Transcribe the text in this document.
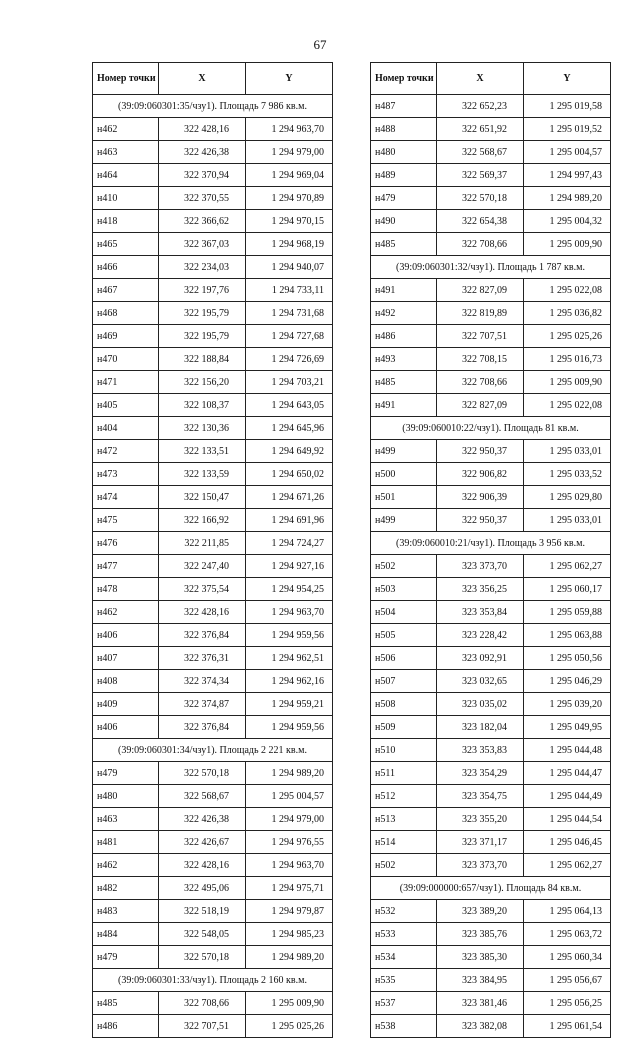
67
Номер точки	X	Y
(39:09:060301:35/чзу1). Площадь 7 986 кв.м.		
н462	322 428,16	1 294 963,70
н463	322 426,38	1 294 979,00
н464	322 370,94	1 294 969,04
н410	322 370,55	1 294 970,89
н418	322 366,62	1 294 970,15
н465	322 367,03	1 294 968,19
н466	322 234,03	1 294 940,07
н467	322 197,76	1 294 733,11
н468	322 195,79	1 294 731,68
н469	322 195,79	1 294 727,68
н470	322 188,84	1 294 726,69
н471	322 156,20	1 294 703,21
н405	322 108,37	1 294 643,05
н404	322 130,36	1 294 645,96
н472	322 133,51	1 294 649,92
н473	322 133,59	1 294 650,02
н474	322 150,47	1 294 671,26
н475	322 166,92	1 294 691,96
н476	322 211,85	1 294 724,27
н477	322 247,40	1 294 927,16
н478	322 375,54	1 294 954,25
н462	322 428,16	1 294 963,70
н406	322 376,84	1 294 959,56
н407	322 376,31	1 294 962,51
н408	322 374,34	1 294 962,16
н409	322 374,87	1 294 959,21
н406	322 376,84	1 294 959,56
(39:09:060301:34/чзу1). Площадь 2 221 кв.м.		
н479	322 570,18	1 294 989,20
н480	322 568,67	1 295 004,57
н463	322 426,38	1 294 979,00
н481	322 426,67	1 294 976,55
н462	322 428,16	1 294 963,70
н482	322 495,06	1 294 975,71
н483	322 518,19	1 294 979,87
н484	322 548,05	1 294 985,23
н479	322 570,18	1 294 989,20
(39:09:060301:33/чзу1). Площадь 2 160 кв.м.		
н485	322 708,66	1 295 009,90
н486	322 707,51	1 295 025,26
Номер точки	X	Y
н487	322 652,23	1 295 019,58
н488	322 651,92	1 295 019,52
н480	322 568,67	1 295 004,57
н489	322 569,37	1 294 997,43
н479	322 570,18	1 294 989,20
н490	322 654,38	1 295 004,32
н485	322 708,66	1 295 009,90
(39:09:060301:32/чзу1). Площадь 1 787 кв.м.		
н491	322 827,09	1 295 022,08
н492	322 819,89	1 295 036,82
н486	322 707,51	1 295 025,26
н493	322 708,15	1 295 016,73
н485	322 708,66	1 295 009,90
н491	322 827,09	1 295 022,08
(39:09:060010:22/чзу1). Площадь 81 кв.м.		
н499	322 950,37	1 295 033,01
н500	322 906,82	1 295 033,52
н501	322 906,39	1 295 029,80
н499	322 950,37	1 295 033,01
(39:09:060010:21/чзу1). Площадь 3 956 кв.м.		
н502	323 373,70	1 295 062,27
н503	323 356,25	1 295 060,17
н504	323 353,84	1 295 059,88
н505	323 228,42	1 295 063,88
н506	323 092,91	1 295 050,56
н507	323 032,65	1 295 046,29
н508	323 035,02	1 295 039,20
н509	323 182,04	1 295 049,95
н510	323 353,83	1 295 044,48
н511	323 354,29	1 295 044,47
н512	323 354,75	1 295 044,49
н513	323 355,20	1 295 044,54
н514	323 371,17	1 295 046,45
н502	323 373,70	1 295 062,27
(39:09:000000:657/чзу1). Площадь 84 кв.м.		
н532	323 389,20	1 295 064,13
н533	323 385,76	1 295 063,72
н534	323 385,30	1 295 060,34
н535	323 384,95	1 295 056,67
н537	323 381,46	1 295 056,25
н538	323 382,08	1 295 061,54
